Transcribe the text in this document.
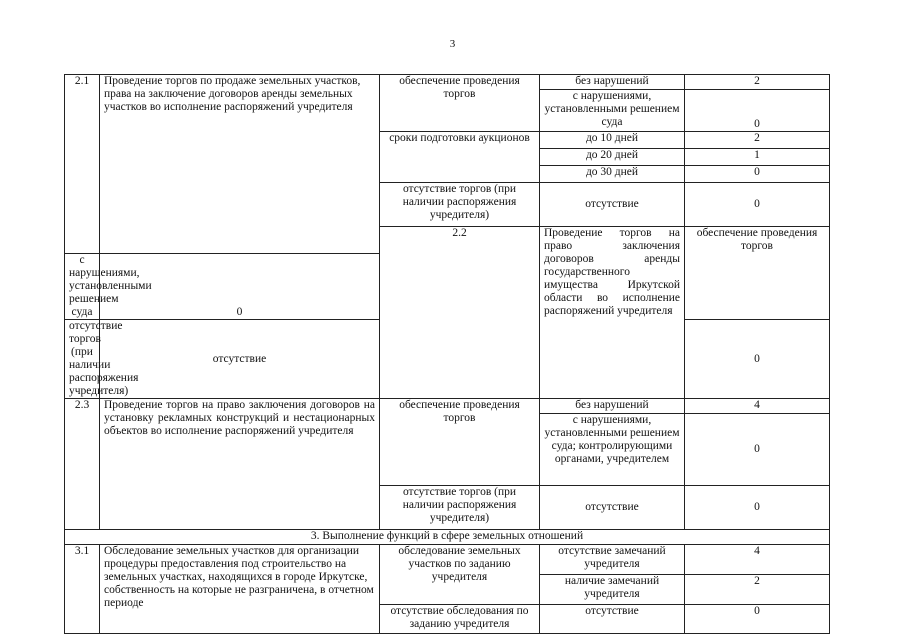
3
2.1	Проведение торгов по продаже земельных участков, права на заключение договоров аренды земельных участков во исполнение распоряжений учредителя	обеспечение проведения торгов	без нарушений	2	
			с нарушениями, установленными решением суда	0	
		сроки подготовки аукционов	до 10 дней	2	
			до 20 дней	1	
			до 30 дней	0	
		отсутствие торгов (при наличии распоряжения учредителя)	отсутствие	0	
		2.2	Проведение торгов на право заключения договоров аренды государственного имущества Иркутской области во исполнение распоряжений учредителя	обеспечение проведения торгов		
с нарушениями, установленными решением суда	0				
отсутствие торгов (при наличии распоряжения учредителя)	отсутствие			0	
2.3	Проведение торгов на право заключения договоров на установку рекламных конструкций и нестационарных объектов во исполнение распоряжений учредителя	обеспечение проведения торгов	без нарушений	4	
			с нарушениями, установленными решением суда; контролирующими органами, учредителем	0	
		отсутствие торгов (при наличии распоряжения учредителя)	отсутствие	0	
3. Выполнение функций в сфере земельных отношений					
3.1	Обследование земельных участков для организации процедуры предоставления под строительство на земельных участках, находящихся в городе Иркутске, собственность на которые не разграничена, в отчетном периоде	обследование земельных участков по заданию учредителя	отсутствие замечаний учредителя	4	
			наличие замечаний учредителя	2	
		отсутствие обследования по заданию учредителя	отсутствие	0	
